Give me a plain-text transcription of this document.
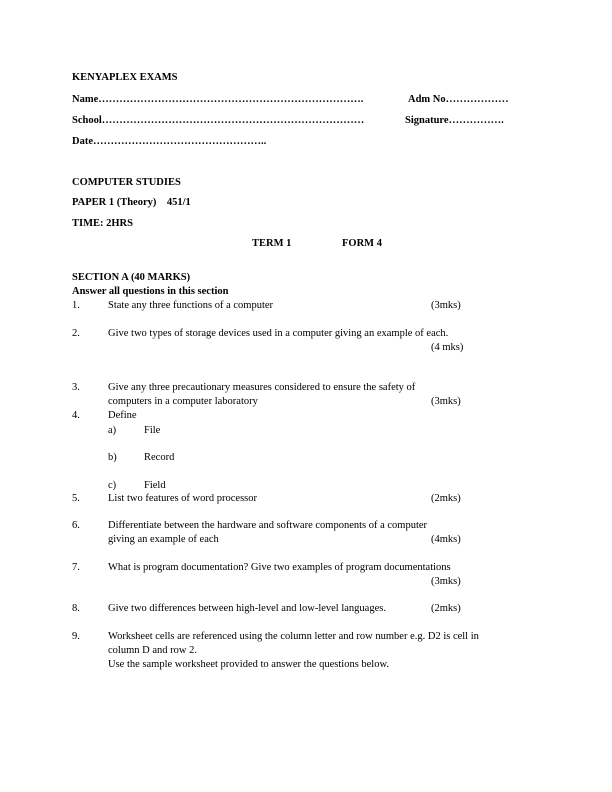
KENYAPLEX EXAMS
Name………………………………………………………………….	Adm No………………
School…………………………………………………………………	Signature…………….
Date…………………………………………..
COMPUTER STUDIES
PAPER 1 (Theory)    451/1
TIME: 2HRS
TERM 1	FORM 4
SECTION A (40 MARKS)
Answer all questions in this section
1.	State any three functions of a computer	(3mks)
2.	Give two types of storage devices used in a computer giving an example of each.
(4 mks)
3.	Give any three precautionary measures considered to ensure the safety of
computers in a computer laboratory	(3mks)
4.	Define
a)	File
b)	Record
c)	Field
5.	List two features of word processor	(2mks)
6.	Differentiate between the hardware and software components of a computer
giving an example of each	(4mks)
7.	What is program documentation? Give two examples of program documentations
(3mks)
8.	Give two differences between high-level and low-level languages.	(2mks)
9.	Worksheet cells are referenced using the column letter and row number e.g. D2 is cell in
column D and row 2.
Use the sample worksheet provided to answer the questions below.
